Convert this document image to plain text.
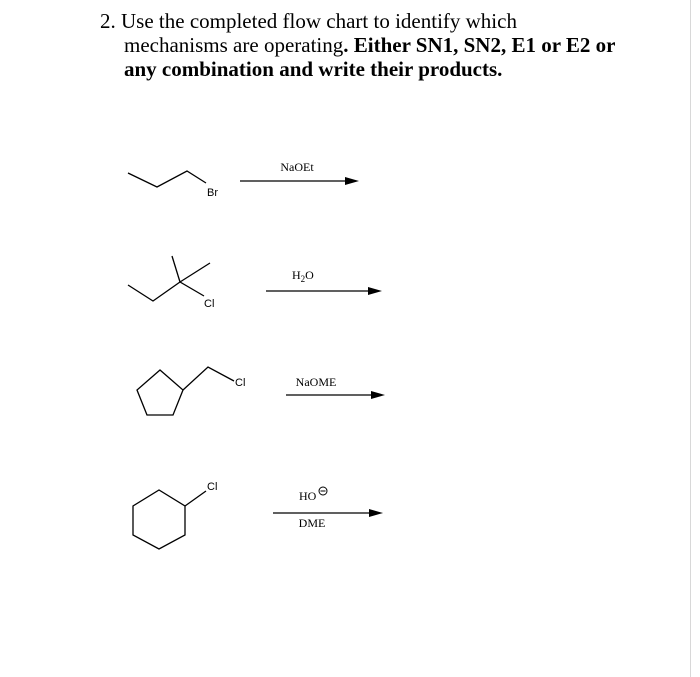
2. Use the completed flow chart to identify which
mechanisms are operating. Either SN1, SN2, E1 or E2 or
any combination and write their products.
Br
NaOEt
Cl
$H_2O$
Cl	NaOME
Cl
HO
DME
